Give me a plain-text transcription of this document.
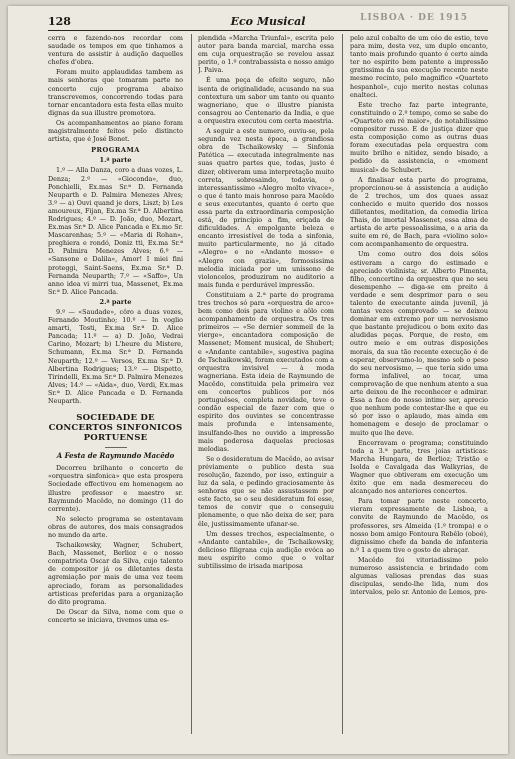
128	Eco Musical	LISBOA · DE 1915

cerra e fazendo-nos recordar com saudade os tempos em que tinhamos a ventura de assistir á audição daquelles chefes d'obra.

Foram muito applaudidas tambem as mais senhoras que tomaram parte no concerto cujo programa abaixo transcrevemos, concorrendo todas para tornar encantadora esta festa ellas muito dignas da sua illustre promotora.

Os acompanhamentos ao piano foram magistralmente feitos pelo distincto artista, que é José Bonet.

PROGRAMA
1.ª parte

1.º — Alla Danza, coro a duas vozes, L. Denza; 2.º — «Gioconda», duo, Ponchielli, Ex.mas Sr.ª D. Fernanda Neuparth e D. Palmira Menezes Alves; 3.º — a) Ouvi quand je dors, Liszt; b) Les amoureux, Fijan, Ex.ma Sr.ª D. Albertina Rodrigues; 4.º — D. João, duo, Mozart, Ex.mas Sr.ª D. Alice Pancada e Ex.mo Sr. Mascarenhas; 5.º — «Maria di Rohan», preghiera e rondó, Doniz tti, Ex.ma Sr.ª D. Palmira Menezes Alves; 6.º — «Sansone e Dalila», Amor! I miei fini proteggi, Saint-Saens, Ex.ma Sr.ª D. Fernanda Neuparth; 7.º — «Saffo», Un anno idea vi mirri tua, Massenet, Ex.ma Sr.ª D. Alice Pancada.

2.ª parte

9.º — «Saudade», côro a duas vozes, Fernando Moutinho; 10.º — In voglio amarti, Tosti, Ex.ma Sr.ª D. Alice Pancada; 11.º — a) D. João, Vedrai Carino, Mozart; b) L'heure du Mistere, Schumann, Ex.ma Sr.ª D. Fernanda Neuparth; 12.º — Versos, Ex.ma Sr.ª D. Albertina Rodrigues; 13.º — Dispetto, Tirindelli, Ex.ma Sr.ª D. Palmira Menezes Alves; 14.º — «Aida», duo, Verdi, Ex.mas Sr.ª D. Alice Pancada e D. Fernanda Neuparth.

SOCIEDADE DE CONCERTOS SINFONICOS PORTUENSE
A Festa de Raymundo Macêdo

Decorreu brilhante o concerto de «orquestra sinfonica» que esta prospera Sociedade effectivou em homenagem ao illustre professor e maestro sr. Raymundo Macêdo, no domingo (11 do corrente).

No selecto programa se ostentavam obras de autores, dos mais consagrados no mundo da arte.

Tschaikowsky, Wagner, Schubert, Bach, Massenet, Berlioz e o nosso compatriota Oscar da Silva, cujo talento de compositor já os diletantes desta agremiação por mais de uma vez teem apreciado, foram as personalidades artisticas preferidas para a organização do dito programa.

De Oscar da Silva, nome com que o concerto se iniciava, tivemos uma es-

plendida «Marcha Triunfal», escrita pelo autor para banda marcial, marcha essa em cuja orquestração se revelou assaz perito, o 1.º contrabassista e nosso amigo J. Paiva.

É uma peça de efeito seguro, não isenta de originalidade, acusando na sua contextura um sabor um tanto ou quanto wagneriano, que o illustre pianista consagrou ao Centenario da India, e que a orquestra executou com certa maestria.

A seguir a este numero, ouviu-se, pela segunda vez nesta época, a grandiosa obra de Tschaikowsky — Sinfonia Patética — executada integralmente nas suas quatro partes que, todas, justo é dizer, obtiveram uma interpretação muito correta, sobresaindo, todavia, o interessantissimo «Alegro molto vivace», o que é tanto mais honroso para Macêdo e seus executantes, quanto é certo que essa parte da extraordinaria composição está, de princípio a fim, eriçada de dificuldades. A empolgante beleza e encanto irresistível de toda a sinfonia, muito particularmente, no já citado «Alegro» e no «Andante mosso» e «Alegro con grazia», formosissima melodia iniciada por um uníssono de violoncelos, produziram no auditorio a mais funda e perdurável impressão.

Constituiam a 2.ª parte do programa tres trechos só para «orquestra de arco» bem como dois para violino e aôlo com acompanhamento de orquestra. Os tres primeiros — «Se dernier sommeil de la vierge», encantadora composição de Massenet; Moment musical, de Shubert; e «Andante cantabile», sugestiva pagina de Tschaikowski, foram executados com a orquestra invisivel — à moda wagneriana. Esta ideia de Raymundo de Macêdo, constituida pela primeira vez em concertos publicos por nós portuguêses, completa novidade, teve o condão especial de fazer com que o espirito dos ouvintes se concentrasse mais profunda e intensamente, insulfando-lhes no ouvido a impressão mais poderosa daquelas preciosas melodias.

Se o desideratum de Macêdo, ao avisar préviamente o publico desta sua resolução, fazendo, por isso, extinguir a luz da sala, e pedindo graciosamente às senhoras que se não assustassem por este facto, se o seu desideratum foi esse, temos de convir que o conseguiu plenamente, o que não deixa de ser, para êle, justissimamente ufanar-se.

Um desses trechos, especialmente, o «Andante cantabile», de Tschaikowsky, delicioso filigrana cuja audição evóca ao meu espirito como que o voltar subtilissimo de irisada mariposa

pelo azul cobalto de um céo de estio, teve para mim, desta vez, um duplo encanto, tanto mais profundo quanto é certo ainda ter no espirito bem patente a impressão gratissima da sua execução recente neste mesmo recinto, pelo magnifico «Quarteto hespanhol», cujo merito nestas colunas enalteci.

Este trecho faz parte integrante, constituindo o 2.º tempo, como se sabe do «Quarteto em ré maior», do notabilissimo compositor russo. E de justiça dizer que esta composição como as outras duas foram executadas pela orquestra com muito brilho e nitidez, sendo bisado, a pedido da assistencia, o «moment musical» de Schubert.

A finalisar esta parte do programa, proporcionou-se á assistencia a audição de 2 trechos, um dos quaes assaz conhecido e muito querido dos nossos dilletantes, meditation, da comedia lirica Thais, do imortal Massenet, essa alma de artista de arte pessoalissima, e a aria da suite em ré, de Bach, para «violino solo» com acompanhamento de orquestra.

Um como outro dos dois sólos estiveram a cargo do estimado e apreciado violinista; sr. Alberto Pimenta, filho, concertino da orquestra que no seu desempenho — diga-se em preito á verdade e sem desprimor para o seu talento de executante ainda juvenil, já tantas vezes comprovado — se deixou dominar em extremo por um nervosismo que bastante prejudicou o bom exito das aludidas peças. Porque, de resto, em outro meio e em outras disposições morais, da sua tão recente execução é de esperar, observamo-lo, mesmo sob o peso do seu nervosismo, — que teria sido uma forma infalivel, ao tocar, uma comprovação de que nenhum atento a sua arte deixou de lhe reconhecer e admirar. Essa a face do nosso intimo ser, aprecio que nenhum pode contestar-lhe e que eu só por isso o aplaudo, mas ainda em homenagem e desejo de proclamar o muito que lhe deve.

Encerravam o programa; constituindo toda a 3.ª parte, tres joias artisticas: Marcha Hungara, de Berlioz; Tristão e Isolda e Cavalgada das Walkyrias, de Wagner que obtiveram em execução um êxito que em nada desmereceu do alcançado nos anteriores concertos.

Para tomar parte neste concerto, vieram expressamente de Lisboa, a convite de Raymundo de Macêdo, os professores, srs Almeida (1.º trompa) e o nosso bom amigo Fontoura Rebêlo (oboé), dignissimo chefe da banda de infanteria n.º 1 a quem tive o gosto de abraçar.

Macêdo foi vitoriadissimo pelo numeroso assistencia e brindado com algumas valiosas prendas das suas discipulas, sendo-lhe lida, num dos intervalos, pelo sr. Antonio de Lemos, pre-
